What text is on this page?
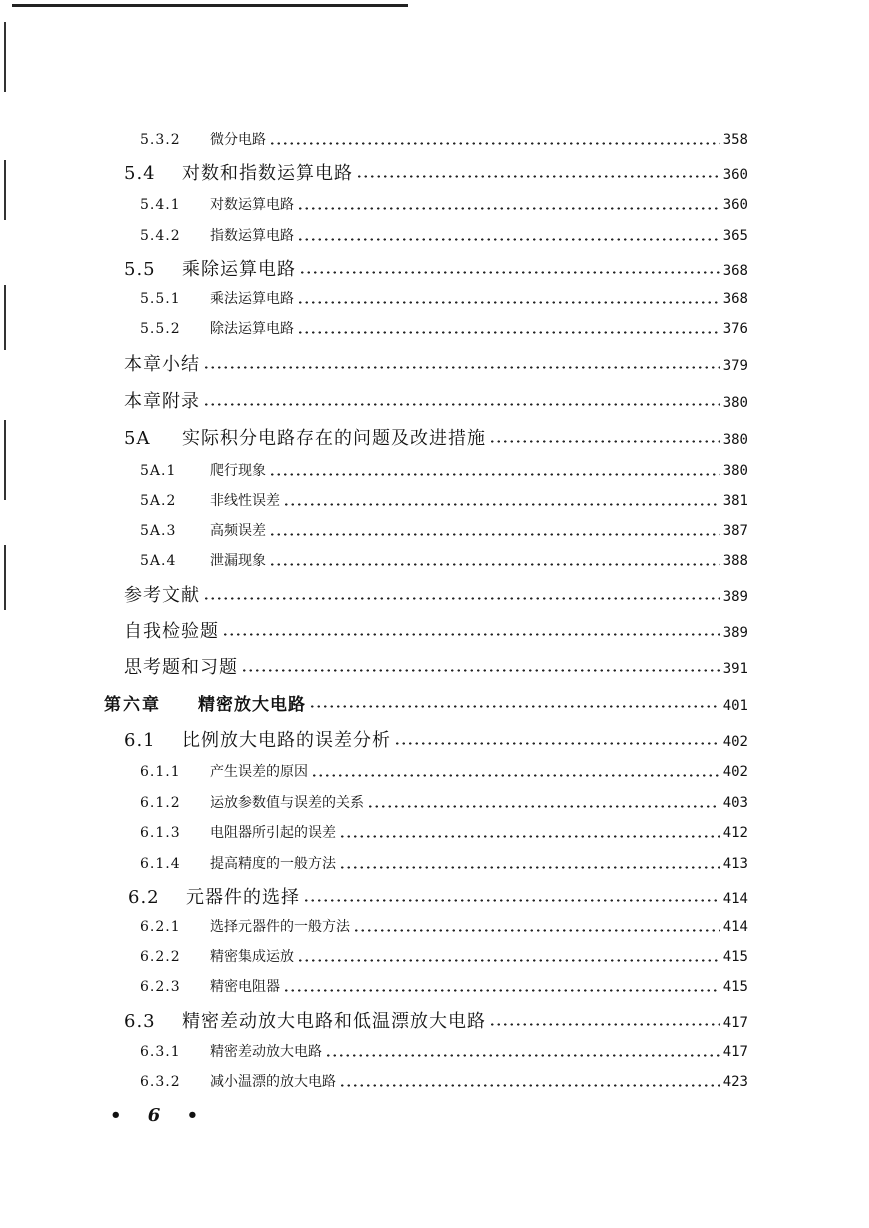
5.3.2	微分电路	358
5.4	对数和指数运算电路	360
5.4.1	对数运算电路	360
5.4.2	指数运算电路	365
5.5	乘除运算电路	368
5.5.1	乘法运算电路	368
5.5.2	除法运算电路	376
本章小结	379
本章附录	380
5A	实际积分电路存在的问题及改进措施	380
5A.1	爬行现象	380
5A.2	非线性误差	381
5A.3	高频误差	387
5A.4	泄漏现象	388
参考文献	389
自我检验题	389
思考题和习题	391
第六章	精密放大电路	401
6.1	比例放大电路的误差分析	402
6.1.1	产生误差的原因	402
6.1.2	运放参数值与误差的关系	403
6.1.3	电阻器所引起的误差	412
6.1.4	提高精度的一般方法	413
6.2	元器件的选择	414
6.2.1	选择元器件的一般方法	414
6.2.2	精密集成运放	415
6.2.3	精密电阻器	415
6.3	精密差动放大电路和低温漂放大电路	417
6.3.1	精密差动放大电路	417
6.3.2	减小温漂的放大电路	423
• 6 •
